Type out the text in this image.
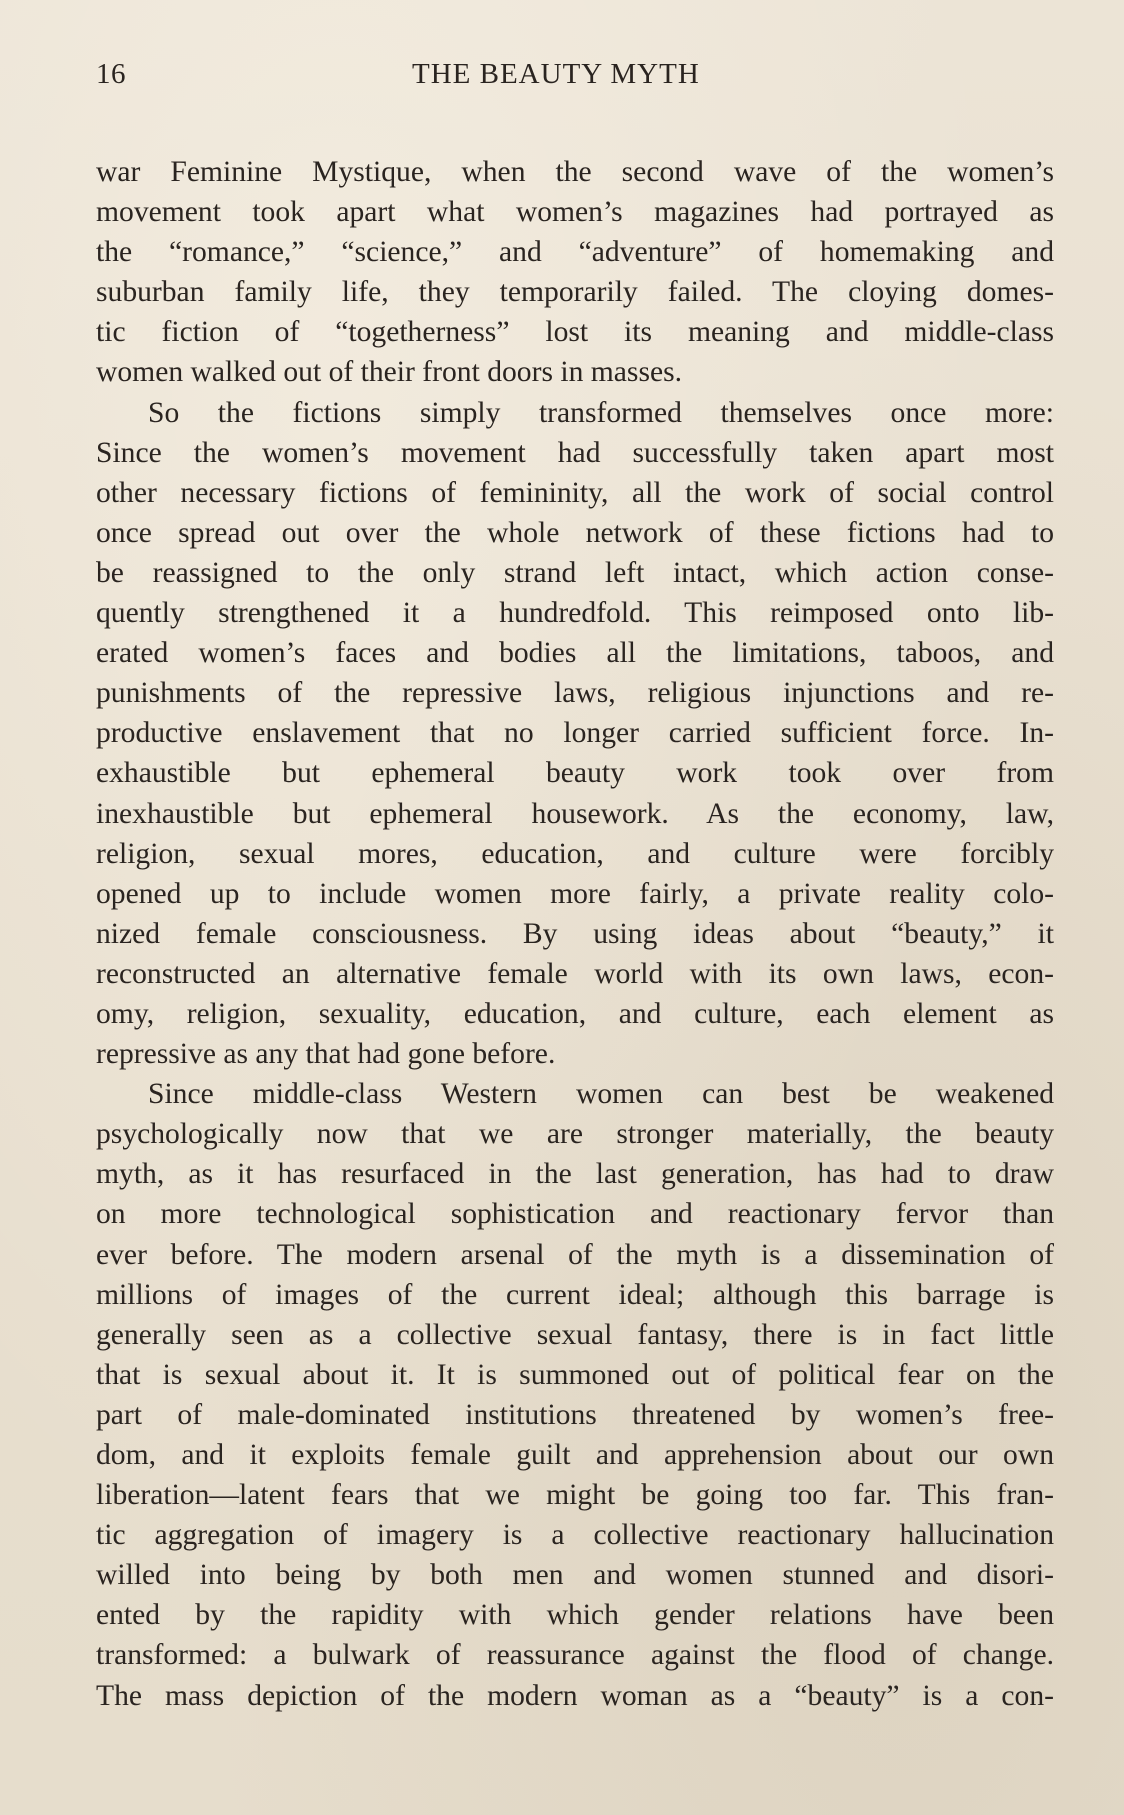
16	THE BEAUTY MYTH
war Feminine Mystique, when the second wave of the women’s
movement took apart what women’s magazines had portrayed as
the “romance,” “science,” and “adventure” of homemaking and
suburban family life, they temporarily failed. The cloying domes-
tic fiction of “togetherness” lost its meaning and middle-class
women walked out of their front doors in masses.
So the fictions simply transformed themselves once more:
Since the women’s movement had successfully taken apart most
other necessary fictions of femininity, all the work of social control
once spread out over the whole network of these fictions had to
be reassigned to the only strand left intact, which action conse-
quently strengthened it a hundredfold. This reimposed onto lib-
erated women’s faces and bodies all the limitations, taboos, and
punishments of the repressive laws, religious injunctions and re-
productive enslavement that no longer carried sufficient force. In-
exhaustible but ephemeral beauty work took over from
inexhaustible but ephemeral housework. As the economy, law,
religion, sexual mores, education, and culture were forcibly
opened up to include women more fairly, a private reality colo-
nized female consciousness. By using ideas about “beauty,” it
reconstructed an alternative female world with its own laws, econ-
omy, religion, sexuality, education, and culture, each element as
repressive as any that had gone before.
Since middle-class Western women can best be weakened
psychologically now that we are stronger materially, the beauty
myth, as it has resurfaced in the last generation, has had to draw
on more technological sophistication and reactionary fervor than
ever before. The modern arsenal of the myth is a dissemination of
millions of images of the current ideal; although this barrage is
generally seen as a collective sexual fantasy, there is in fact little
that is sexual about it. It is summoned out of political fear on the
part of male-dominated institutions threatened by women’s free-
dom, and it exploits female guilt and apprehension about our own
liberation—latent fears that we might be going too far. This fran-
tic aggregation of imagery is a collective reactionary hallucination
willed into being by both men and women stunned and disori-
ented by the rapidity with which gender relations have been
transformed: a bulwark of reassurance against the flood of change.
The mass depiction of the modern woman as a “beauty” is a con-
